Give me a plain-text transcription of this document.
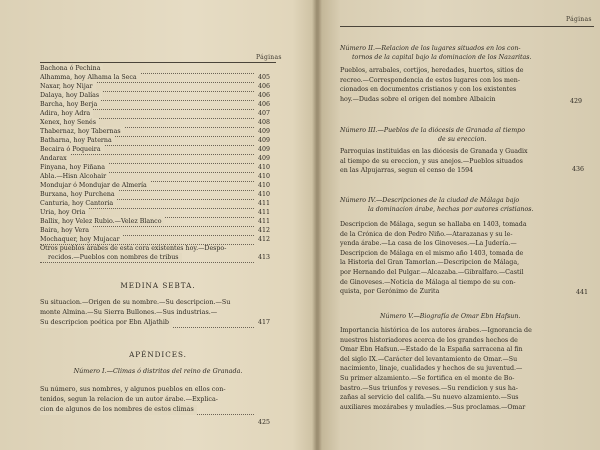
Páginas
Bachona ó Pechina
Alhamma, hoy Alhama la Seca	405
Naxar, hoy Nijar	406
Dalaya, hoy Dalías	406
Barcha, hoy Berja	406
Adira, hoy Adra	407
Xenex, hoy Senés	408
Thabernaz, hoy Tabernas	409
Batharna, hoy Paterna	409
Becaira ó Poqueira	409
Andarax	409
Finyana, hoy Fiñana	410
Abla.—Hisn Alcohair	410
Mondujar ó Mondujar de Almería	410
Burxana, hoy Purchena	410
Canturia, hoy Cantoria	411
Uria, hoy Oria	411
Ballix, hoy Velez Rubio.—Velez Blanco	411
Baira, hoy Vera	412
Mochaquer, hoy Mujacar	412
Otros pueblos árabes de esta cora existentes hoy.—Despo-
recidos.—Pueblos con nombres de tribus	413
MEDINA SEBTA.
Su situacion.—Origen de su nombre.—Su descripcion.—Su
monte Almina.—Su Sierra Bullones.—Sus industrias.—
Su descripcion poética por Ebn Aljathib	417
APÉNDICES.
Número I.—Climas ó distritos del reino de Granada.
Su número, sus nombres, y algunos pueblos en ellos con-
tenidos, segun la relacion de un autor árabe.—Explica-
cion de algunos de los nombres de estos climas
425
Páginas
Número II.—Relacion de los lugares situados en los con-
tornos de la capital bajo la dominacion de los Nazaritas.
Pueblos, arrabales, cortijos, heredades, huertos, sitios de
recreo.—Correspondencia de estos lugares con los men-
cionados en documentos cristianos y con los existentes
hoy.—Dudas sobre el origen del nombre Albaicin	429
Número III.—Pueblos de la diócesis de Granada al tiempo
de su ereccion.
Parroquias instituidas en las diócesis de Granada y Guadix
al tiempo de su ereccion, y sus anejos.—Pueblos situados
en las Alpujarras, segun el censo de 1594	436
Número IV.—Descripciones de la ciudad de Málaga bajo
la dominacion árabe, hechas por autores cristianos.
Descripcion de Málaga, segun se hallaba en 1403, tomada
de la Crónica de don Pedro Niño.—Atarazanas y su le-
yenda árabe.—La casa de los Ginoveses.—La Judería.—
Descripcion de Málaga en el mismo año 1403, tomada de
la Historia del Gran Tamorlan.—Descripcion de Málaga,
por Hernando del Pulgar.—Alcazaba.—Gibralfaro.—Castil
de Ginoveses.—Noticia de Málaga al tiempo de su con-
quista, por Gerónimo de Zurita	441
Número V.—Biografía de Omar Ebn Hafsun.
Importancia histórica de los autores árabes.—Ignorancia de
nuestros historiadores acerca de los grandes hechos de
Omar Ebn Hafsun.—Estado de la España sarracena al fin
del siglo IX.—Carácter del levantamiento de Omar.—Su
nacimiento, linaje, cualidades y hechos de su juventud.—
Su primer alzamiento.—Se fortifica en el monte de Bo-
bastro.—Sus triunfos y reveses.—Su rendicion y sus ha-
zañas al servicio del califa.—Su nuevo alzamiento.—Sus
auxiliares mozárabes y muladíes.—Sus proclamas.—Omar
